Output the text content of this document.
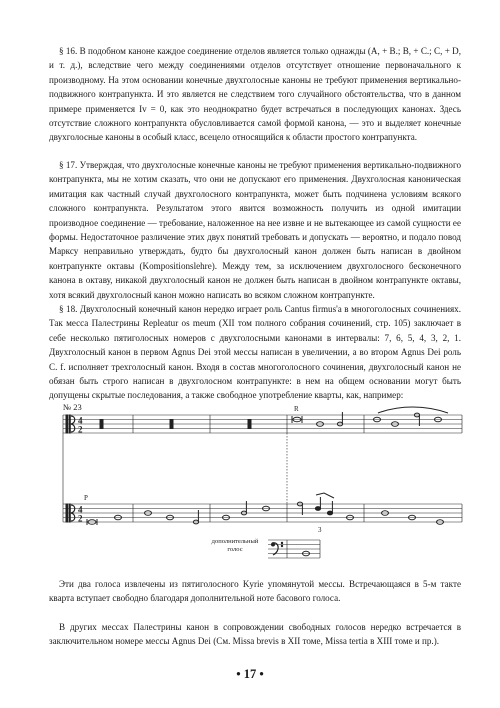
§ 16. В подобном каноне каждое соединение отделов является только однажды (А, + В.; В, + С.; С, + D, и т. д.), вследствие чего между соединениями отделов отсутствует отношение первоначального к производному. На этом основании конечные двухголосные каноны не требуют применения вертикально-подвижного контрапункта. И это является не следствием того случайного обстоятельства, что в данном примере применяется Iv = 0, как это неоднократно будет встречаться в последующих канонах. Здесь отсутствие сложного контрапункта обусловливается самой формой канона, — это и выделяет конечные двухголосные каноны в особый класс, всецело относящийся к области простого контрапункта.

§ 17. Утверждая, что двухголосные конечные каноны не требуют применения вертикально-подвижного контрапункта, мы не хотим сказать, что они не допускают его применения. Двухголосная каноническая имитация как частный случай двухголосного контрапункта, может быть подчинена условиям всякого сложного контрапункта. Результатом этого явится возможность получить из одной имитации производное соединение — требование, наложенное на нее извне и не вытекающее из самой сущности ее формы. Недостаточное различение этих двух понятий требовать и допускать — вероятно, и подало повод Марксу неправильно утверждать, будто бы двухголосный канон должен быть написан в двойном контрапункте октавы (Kompositionslehre). Между тем, за исключением двухголосного бесконечного канона в октаву, никакой двухголосный канон не должен быть написан в двойном контрапункте октавы, хотя всякий двухголосный канон можно написать во всяком сложном контрапункте.

§ 18. Двухголосный конечный канон нередко играет роль Cantus firmus'а в многоголосных сочинениях. Так месса Палестрины Repleatur os meum (XII том полного собрания сочинений, стр. 105) заключает в себе несколько пятиголосных номеров с двухголосными канонами в интервалы: 7, 6, 5, 4, 3, 2, 1. Двухголосный канон в первом Agnus Dei этой мессы написан в увеличении, а во втором Agnus Dei роль C. f. исполняет трехголосный канон. Входя в состав многоголосного сочинения, двухголосный канон не обязан быть строго написан в двухголосном контрапункте: в нем на общем основании могут быть допущены скрытые последования, а также свободное употребление кварты, как, например:

№ 23
4
2
4
2
R
P
3
дополнительный голос

Эти два голоса извлечены из пятиголосного Kyrie упомянутой мессы. Встречающаяся в 5-м такте кварта вступает свободно благодаря дополнительной ноте басового голоса.

В других мессах Палестрины канон в сопровождении свободных голосов нередко встречается в заключительном номере мессы Agnus Dei (См. Missa brevis в XII томе, Missa tertia в XIII томе и пр.).

• 17 •
